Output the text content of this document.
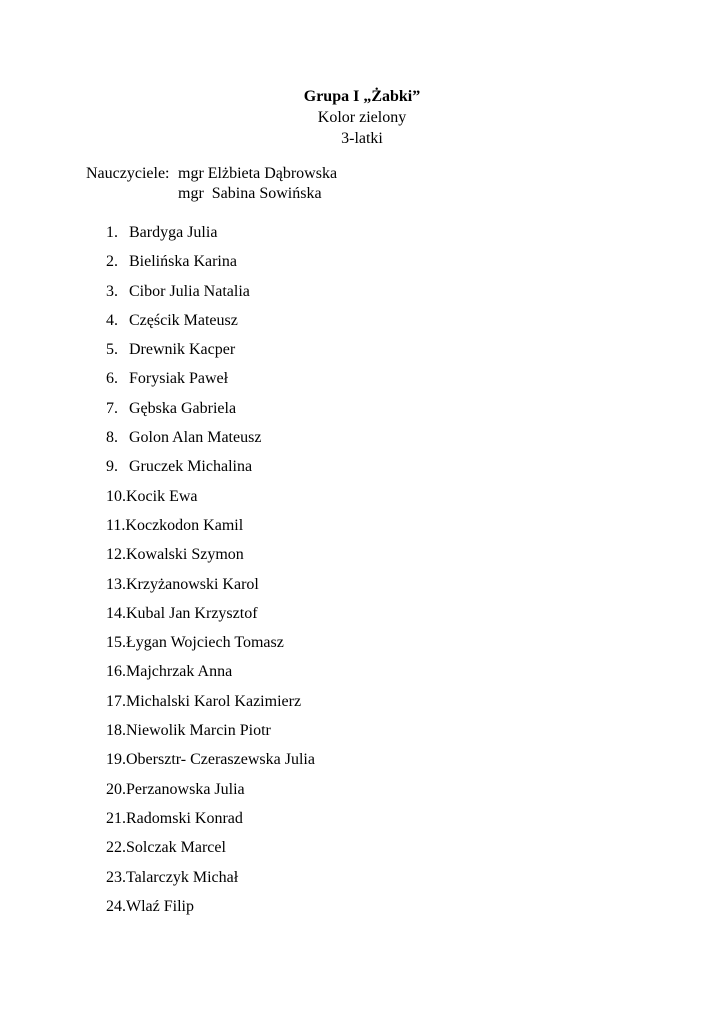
Grupa I „Żabki”
Kolor zielony
3-latki
Nauczyciele: mgr Elżbieta Dąbrowska
mgr  Sabina Sowińska
1. Bardyga Julia
2. Bielińska Karina
3. Cibor Julia Natalia
4. Częścik Mateusz
5. Drewnik Kacper
6. Forysiak Paweł
7. Gębska Gabriela
8. Golon Alan Mateusz
9. Gruczek Michalina
10. Kocik Ewa
11. Koczkodon Kamil
12. Kowalski Szymon
13. Krzyżanowski Karol
14. Kubal Jan Krzysztof
15. Łygan Wojciech Tomasz
16. Majchrzak Anna
17. Michalski Karol Kazimierz
18. Niewolik Marcin Piotr
19. Obersztr- Czeraszewska Julia
20. Perzanowska Julia
21. Radomski Konrad
22. Solczak Marcel
23. Talarczyk Michał
24. Wlaź Filip
